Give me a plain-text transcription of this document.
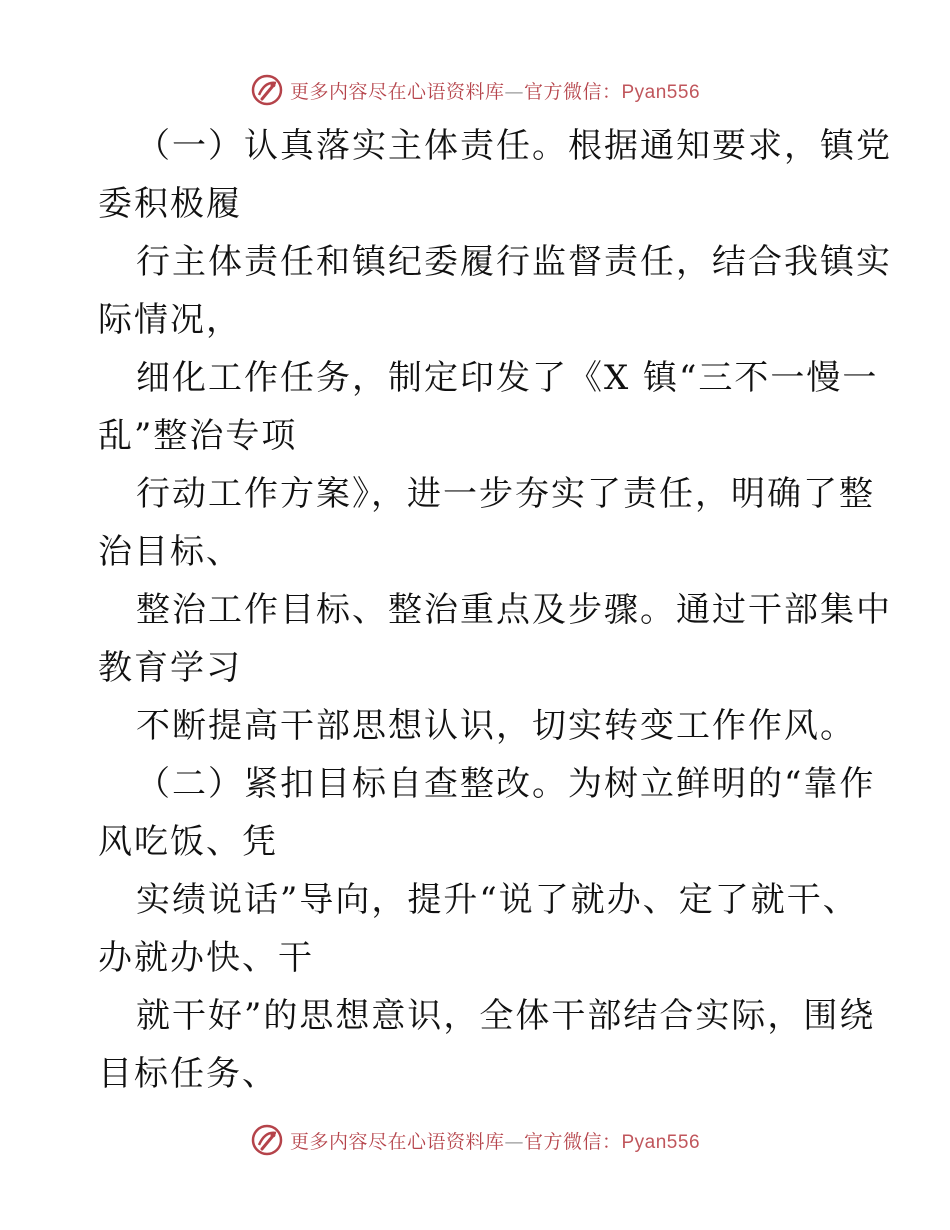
更多内容尽在心语资料库—官方微信：Pyan556
（一）认真落实主体责任。根据通知要求，镇党
委积极履
行主体责任和镇纪委履行监督责任，结合我镇实
际情况，
细化工作任务，制定印发了《X 镇“三不一慢一
乱”整治专项
行动工作方案》，进一步夯实了责任，明确了整
治目标、
整治工作目标、整治重点及步骤。通过干部集中
教育学习
不断提高干部思想认识，切实转变工作作风。
（二）紧扣目标自查整改。为树立鲜明的“靠作
风吃饭、凭
实绩说话”导向，提升“说了就办、定了就干、
办就办快、干
就干好”的思想意识，全体干部结合实际，围绕
目标任务、
更多内容尽在心语资料库—官方微信：Pyan556
